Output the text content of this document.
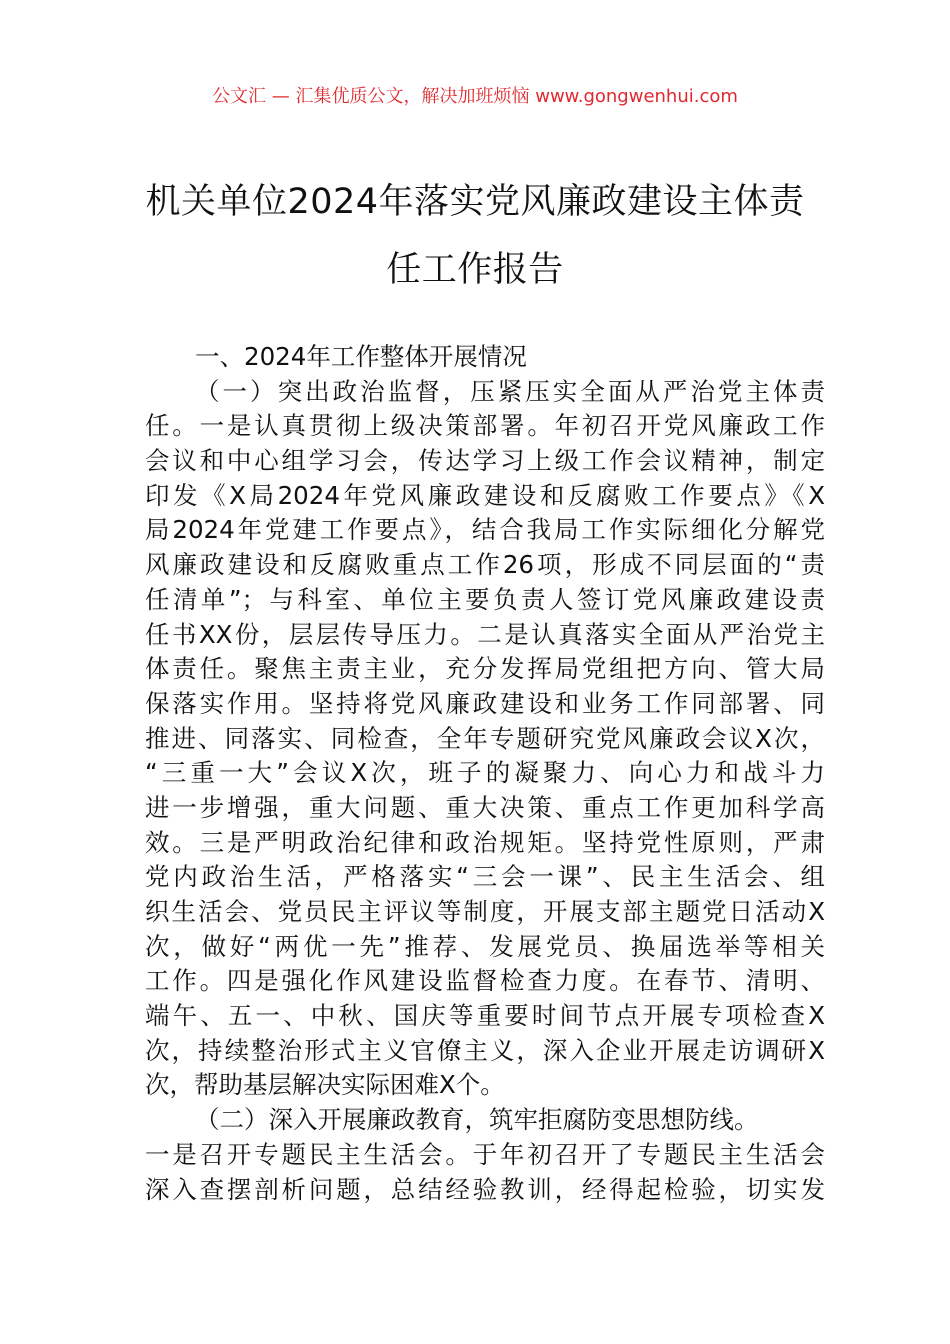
公文汇 — 汇集优质公文，解决加班烦恼 www.gongwenhui.com
机关单位2024年落实党风廉政建设主体责
任工作报告
一、2024年工作整体开展情况
（一）突出政治监督，压紧压实全面从严治党主体责
任。一是认真贯彻上级决策部署。年初召开党风廉政工作
会议和中心组学习会，传达学习上级工作会议精神，制定
印发《X局2024年党风廉政建设和反腐败工作要点》《X
局2024年党建工作要点》，结合我局工作实际细化分解党
风廉政建设和反腐败重点工作26项，形成不同层面的“责
任清单”；与科室、单位主要负责人签订党风廉政建设责
任书XX份，层层传导压力。二是认真落实全面从严治党主
体责任。聚焦主责主业，充分发挥局党组把方向、管大局
保落实作用。坚持将党风廉政建设和业务工作同部署、同
推进、同落实、同检查，全年专题研究党风廉政会议X次，
“三重一大”会议X次，班子的凝聚力、向心力和战斗力
进一步增强，重大问题、重大决策、重点工作更加科学高
效。三是严明政治纪律和政治规矩。坚持党性原则，严肃
党内政治生活，严格落实“三会一课”、民主生活会、组
织生活会、党员民主评议等制度，开展支部主题党日活动X
次，做好“两优一先”推荐、发展党员、换届选举等相关
工作。四是强化作风建设监督检查力度。在春节、清明、
端午、五一、中秋、国庆等重要时间节点开展专项检查X
次，持续整治形式主义官僚主义，深入企业开展走访调研X
次，帮助基层解决实际困难X个。
（二）深入开展廉政教育，筑牢拒腐防变思想防线。
一是召开专题民主生活会。于年初召开了专题民主生活会
深入查摆剖析问题，总结经验教训，经得起检验，切实发
